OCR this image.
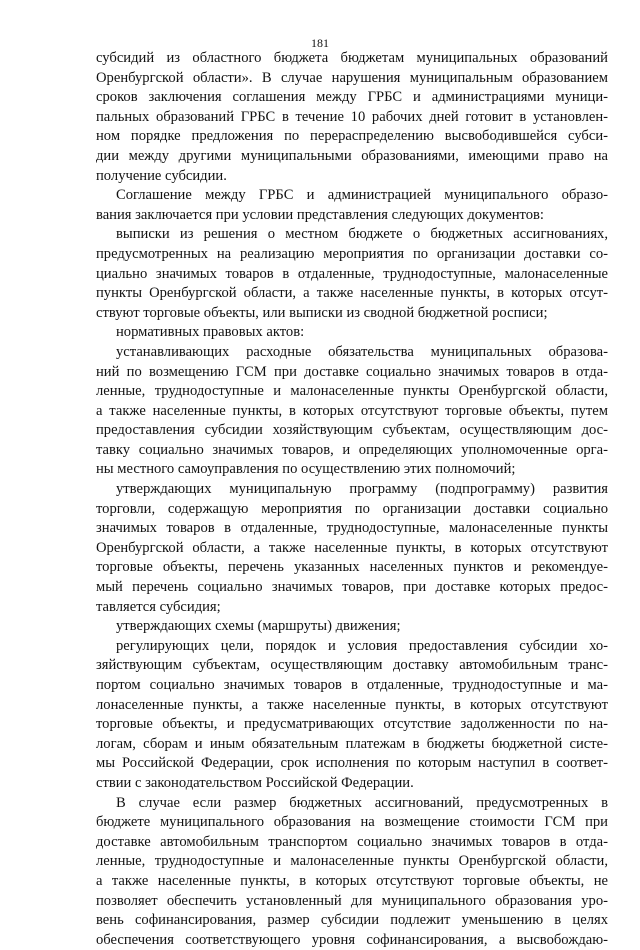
181
субсидий из областного бюджета бюджетам муниципальных образований
Оренбургской области». В случае нарушения муниципальным образованием
сроков заключения соглашения между ГРБС и администрациями муници-
пальных образований ГРБС в течение 10 рабочих дней готовит в установлен-
ном порядке предложения по перераспределению высвободившейся субси-
дии между другими муниципальными образованиями, имеющими право на
получение субсидии.
Соглашение между ГРБС и администрацией муниципального образо-
вания заключается при условии представления следующих документов:
выписки из решения о местном бюджете о бюджетных ассигнованиях,
предусмотренных на реализацию мероприятия по организации доставки со-
циально значимых товаров в отдаленные, труднодоступные, малонаселенные
пункты Оренбургской области, а также населенные пункты, в которых отсут-
ствуют торговые объекты, или выписки из сводной бюджетной росписи;
нормативных правовых актов:
устанавливающих расходные обязательства муниципальных образова-
ний по возмещению ГСМ при доставке социально значимых товаров в отда-
ленные, труднодоступные и малонаселенные пункты Оренбургской области,
а также населенные пункты, в которых отсутствуют торговые объекты, путем
предоставления субсидии хозяйствующим субъектам, осуществляющим дос-
тавку социально значимых товаров, и определяющих уполномоченные орга-
ны местного самоуправления по осуществлению этих полномочий;
утверждающих муниципальную программу (подпрограмму) развития
торговли, содержащую мероприятия по организации доставки социально
значимых товаров в отдаленные, труднодоступные, малонаселенные пункты
Оренбургской области, а также населенные пункты, в которых отсутствуют
торговые объекты, перечень указанных населенных пунктов и рекомендуе-
мый перечень социально значимых товаров, при доставке которых предос-
тавляется субсидия;
утверждающих схемы (маршруты) движения;
регулирующих цели, порядок и условия предоставления субсидии хо-
зяйствующим субъектам, осуществляющим доставку автомобильным транс-
портом социально значимых товаров в отдаленные, труднодоступные и ма-
лонаселенные пункты, а также населенные пункты, в которых отсутствуют
торговые объекты, и предусматривающих отсутствие задолженности по на-
логам, сборам и иным обязательным платежам в бюджеты бюджетной систе-
мы Российской Федерации, срок исполнения по которым наступил в соответ-
ствии с законодательством Российской Федерации.
В случае если размер бюджетных ассигнований, предусмотренных в
бюджете муниципального образования на возмещение стоимости ГСМ при
доставке автомобильным транспортом социально значимых товаров в отда-
ленные, труднодоступные и малонаселенные пункты Оренбургской области,
а также населенные пункты, в которых отсутствуют торговые объекты, не
позволяет обеспечить установленный для муниципального образования уро-
вень софинансирования, размер субсидии подлежит уменьшению в целях
обеспечения соответствующего уровня софинансирования, а высвобождаю-
